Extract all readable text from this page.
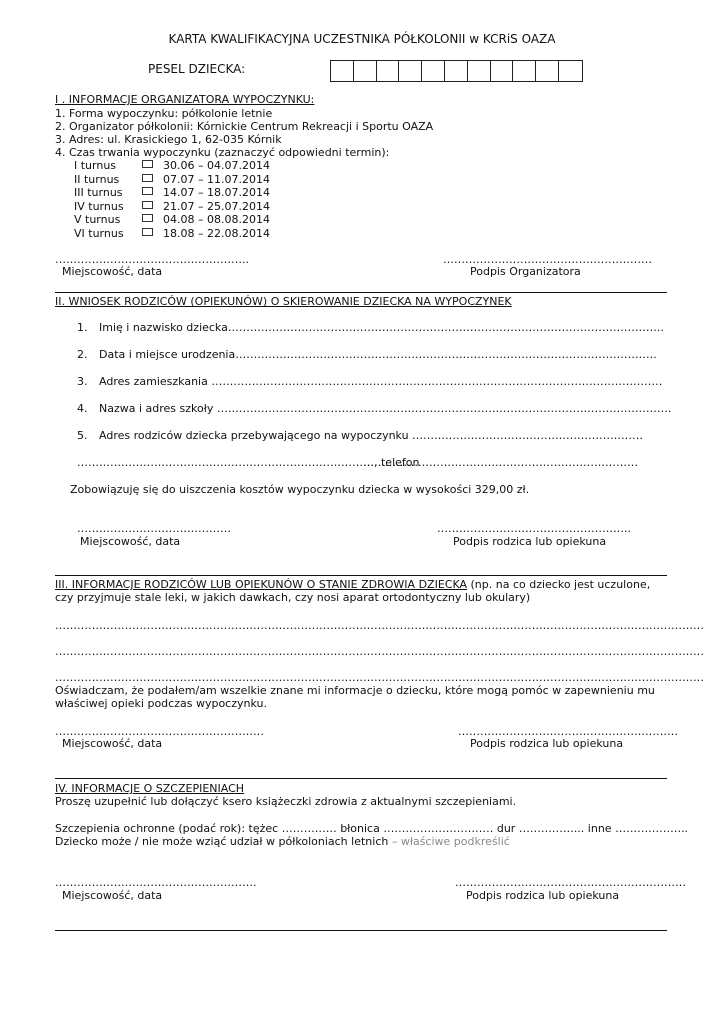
KARTA KWALIFIKACYJNA UCZESTNIKA PÓŁKOLONII w KCRiS OAZA
PESEL DZIECKA:
I . INFORMACJE ORGANIZATORA WYPOCZYNKU:
1. Forma wypoczynku: półkolonie letnie
2. Organizator półkolonii: Kórnickie Centrum Rekreacji i Sportu OAZA
3. Adres: ul. Krasickiego 1, 62-035 Kórnik
4. Czas trwania wypoczynku (zaznaczyć odpowiedni termin):
I turnus	30.06 – 04.07.2014
II turnus	07.07 – 11.07.2014
III turnus	14.07 – 18.07.2014
IV turnus	21.07 – 25.07.2014
V turnus	04.08 – 08.08.2014
VI turnus	18.08 – 22.08.2014
……………………………………………..	…………………………………………………
Miejscowość, data	Podpis Organizatora
II. WNIOSEK RODZICÓW (OPIEKUNÓW) O SKIEROWANIE DZIECKA NA WYPOCZYNEK
1. Imię i nazwisko dziecka………………………………………………………………………………………………………..
2. Data i miejsce urodzenia…………………………………………………………………………………………………….
3. Adres zamieszkania ……………………………………………………………………………………………………………
4. Nazwa i adres szkoły …………………………………………………………………………………………………………….
5. Adres rodziców dziecka przebywającego na wypoczynku ………………………………………………………
………………………………………………………………………, telefon
…………………………………………………………………
Zobowiązuję się do uiszczenia kosztów wypoczynku dziecka w wysokości 329,00 zł.
……………………………………	……………………………………………..
Miejscowość, data	Podpis rodzica lub opiekuna
III. INFORMACJE RODZICÓW LUB OPIEKUNÓW O STANIE ZDROWIA DZIECKA (np. na co dziecko jest uczulone,
czy przyjmuje stale leki, w jakich dawkach, czy nosi aparat ortodontyczny lub okulary)
……………………………………………………………………………………………………………………………………………………………
……………………………………………………………………………………………………………………………………………………………
……………………………………………………………………………………………………………………………………………………………
Oświadczam, że podałem/am wszelkie znane mi informacje o dziecku, które mogą pomóc w zapewnieniu mu
właściwej opieki podczas wypoczynku.
…………………………………………………	……………………………………………………
Miejscowość, data	Podpis rodzica lub opiekuna
IV. INFORMACJE O SZCZEPIENIACH
Proszę uzupełnić lub dołączyć ksero książeczki zdrowia z aktualnymi szczepieniami.
Szczepienia ochronne (podać rok): tężec …………… błonica ………………………… dur ……………... inne ………………..
Dziecko może / nie może wziąć udział w półkoloniach letnich – właściwe podkreślić
……………………………………………….	………………………………………………………
Miejscowość, data	Podpis rodzica lub opiekuna
